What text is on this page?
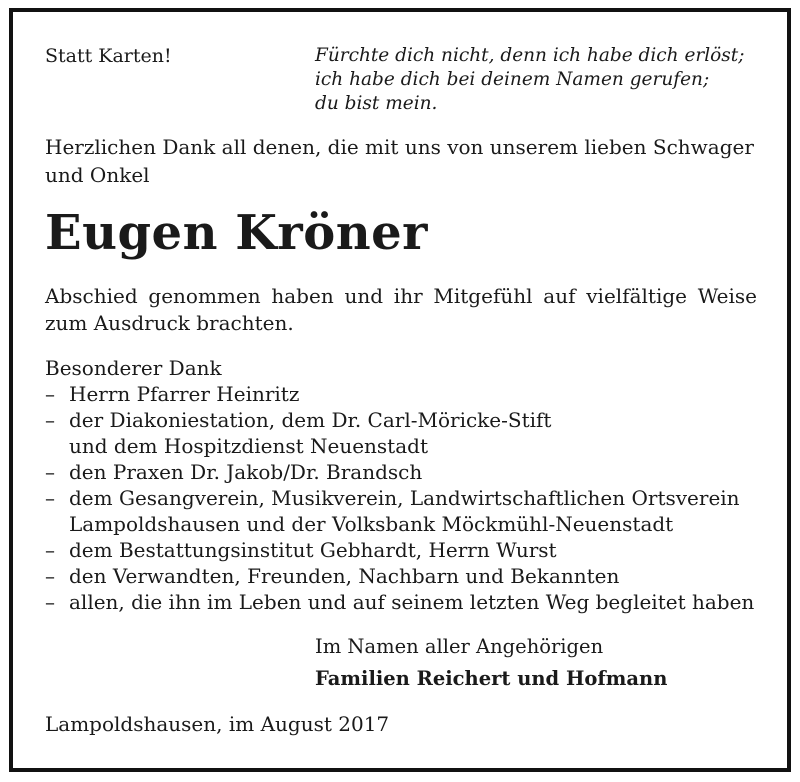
Statt Karten!	Fürchte dich nicht, denn ich habe dich erlöst;
ich habe dich bei deinem Namen gerufen;
du bist mein.
Herzlichen Dank all denen, die mit uns von unserem lieben Schwager und Onkel
Eugen Kröner
Abschied genommen haben und ihr Mitgefühl auf vielfältige Weise zum Ausdruck brachten.
Besonderer Dank
– Herrn Pfarrer Heinritz
– der Diakoniestation, dem Dr. Carl-Möricke-Stift
und dem Hospitzdienst Neuenstadt
– den Praxen Dr. Jakob/Dr. Brandsch
– dem Gesangverein, Musikverein, Landwirtschaftlichen Ortsverein
Lampoldshausen und der Volksbank Möckmühl-Neuenstadt
– dem Bestattungsinstitut Gebhardt, Herrn Wurst
– den Verwandten, Freunden, Nachbarn und Bekannten
– allen, die ihn im Leben und auf seinem letzten Weg begleitet haben
Im Namen aller Angehörigen
Familien Reichert und Hofmann
Lampoldshausen, im August 2017
